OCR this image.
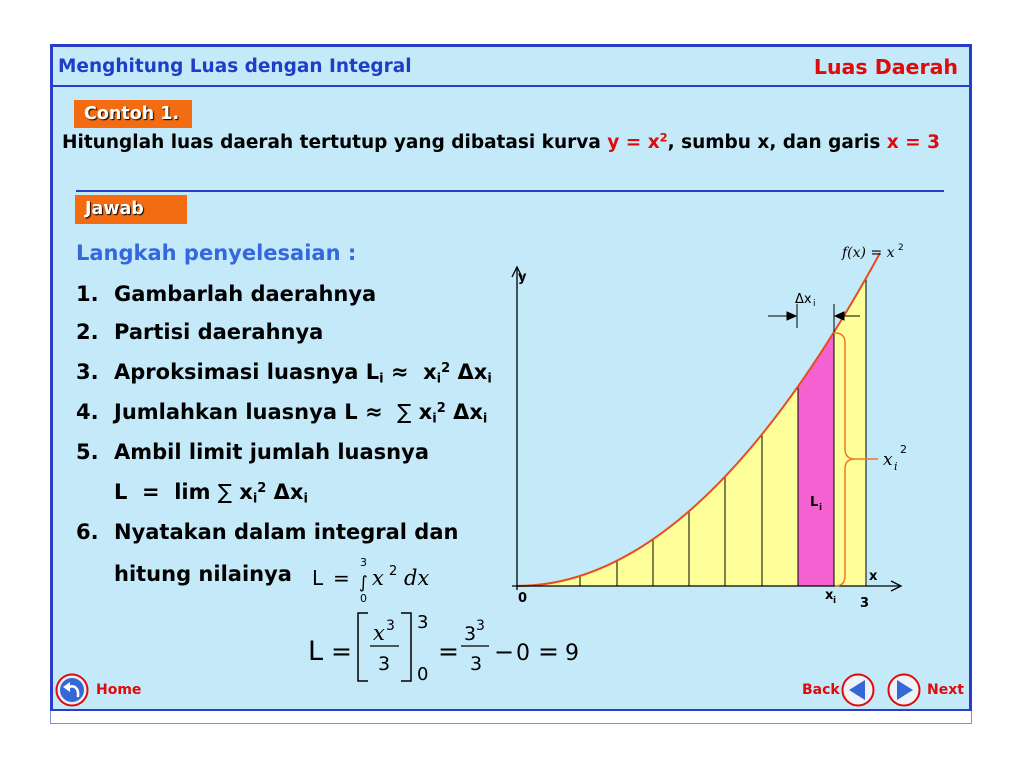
Menghitung Luas dengan Integral	Luas Daerah
Contoh 1.
Hitunglah luas daerah tertutup yang dibatasi kurva $y = x^2$, sumbu x, dan garis x = 3
Jawab
Langkah penyelesaian :

1.

Gambarlah daerahnya

2.

Partisi daerahnya

3.

Aproksimasi luasnya $L_i \approx x_i^2$ $\Delta x_i$

4.

Jumlahkan luasnya L ≈  ∑ $x_i^2$ $\Delta x_i$

5.

Ambil limit jumlah luasnya

L  =  lim ∑ $x_i^2$ $\Delta x_i$

6.

Nyatakan dalam integral dan

hitung nilainya

y
x
0	3
x i
f(x) = x 2
Δx i
L i
x i
2
L = ∫
3
0
x 2 dx
L =
x 3
3
3
0
=
3 3
3 − 0 = 9
Home	Back	Next
